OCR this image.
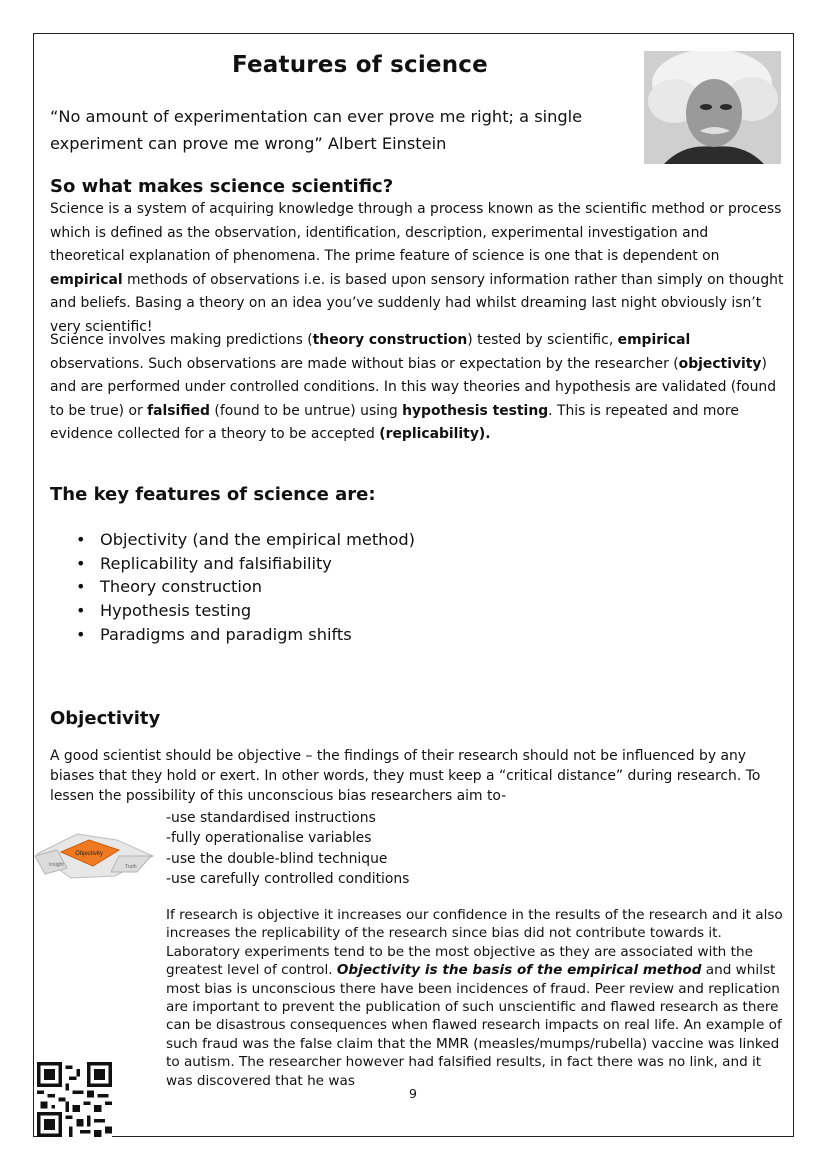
Features of science
“No amount of experimentation can ever prove me right; a single
experiment can prove me wrong” Albert Einstein
So what makes science scientific?
Science is a system of acquiring knowledge through a process known as the scientific method or process which is defined as the observation, identification, description, experimental investigation and theoretical explanation of phenomena. The prime feature of science is one that is dependent on empirical methods of observations i.e. is based upon sensory information rather than simply on thought and beliefs. Basing a theory on an idea you’ve suddenly had whilst dreaming last night obviously isn’t very scientific!
Science involves making predictions (theory construction) tested by scientific, empirical observations. Such observations are made without bias or expectation by the researcher (objectivity) and are performed under controlled conditions. In this way theories and hypothesis are validated (found to be true) or falsified (found to be untrue) using hypothesis testing. This is repeated and more evidence collected for a theory to be accepted (replicability).
The key features of science are:
• Objectivity (and the empirical method)
• Replicability and falsifiability
• Theory construction
• Hypothesis testing
• Paradigms and paradigm shifts
Objectivity
A good scientist should be objective – the findings of their research should not be influenced by any biases that they hold or exert. In other words, they must keep a “critical distance” during research. To lessen the possibility of this unconscious bias researchers aim to-
-use standardised instructions
-fully operationalise variables
-use the double-blind technique
-use carefully controlled conditions
Objectivity
Insight	Truth
If research is objective it increases our confidence in the results of the research and it also increases the replicability of the research since bias did not contribute towards it. Laboratory experiments tend to be the most objective as they are associated with the greatest level of control. Objectivity is the basis of the empirical method and whilst most bias is unconscious there have been incidences of fraud. Peer review and replication are important to prevent the publication of such unscientific and flawed research as there can be disastrous consequences when flawed research impacts on real life. An example of such fraud was the false claim that the MMR (measles/mumps/rubella) vaccine was linked to autism. The researcher however had falsified results, in fact there was no link, and it was discovered that he was
9
